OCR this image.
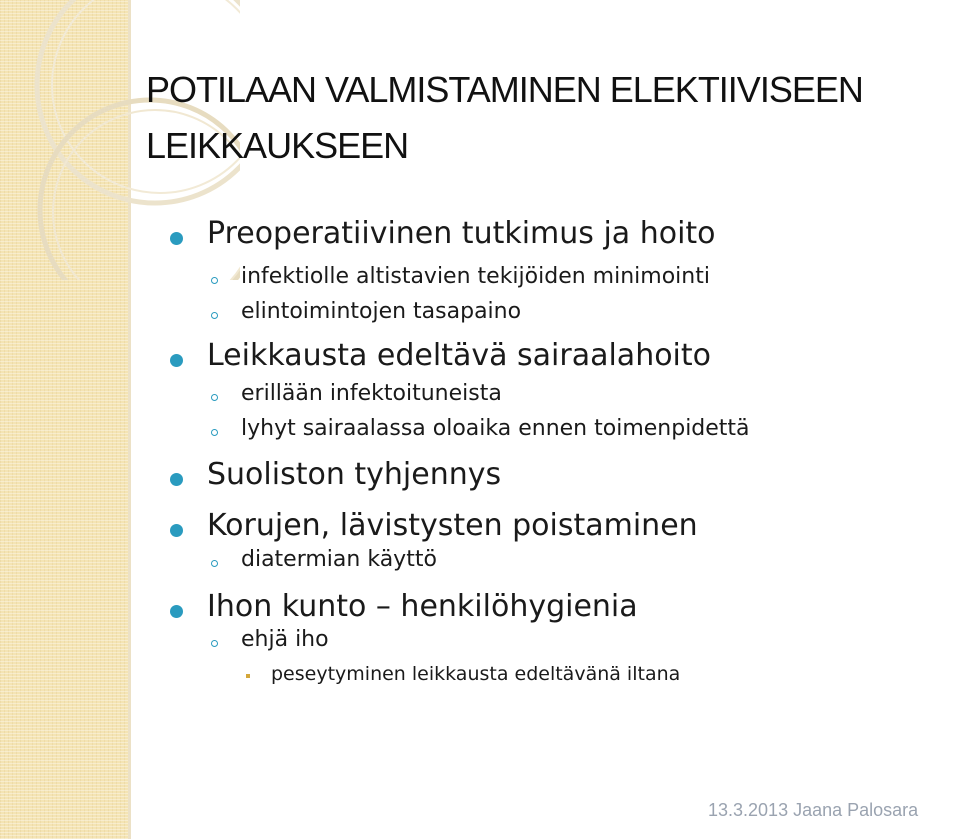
POTILAAN VALMISTAMINEN ELEKTIIVISEEN LEIKKAUKSEEN
Preoperatiivinen tutkimus ja hoito
infektiolle altistavien tekijöiden minimointi
elintoimintojen tasapaino
Leikkausta edeltävä sairaalahoito
erillään infektoituneista
lyhyt sairaalassa oloaika ennen toimenpidettä
Suoliston tyhjennys
Korujen, lävistysten poistaminen
diatermian käyttö
Ihon kunto – henkilöhygienia
ehjä iho
peseytyminen leikkausta edeltävänä iltana
13.3.2013 Jaana Palosara
